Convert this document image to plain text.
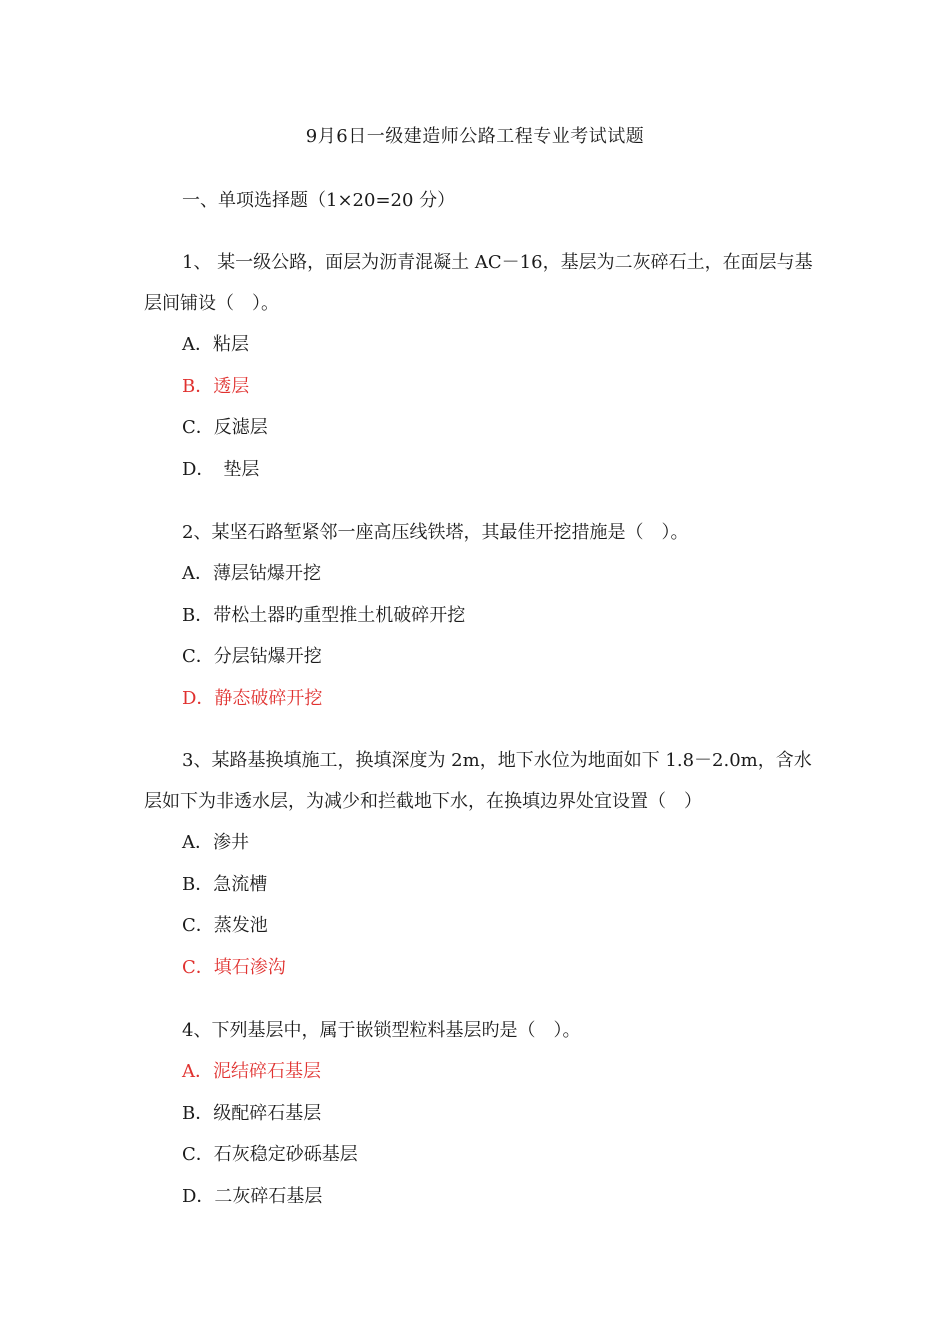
9月6日一级建造师公路工程专业考试试题
一、单项选择题（1×20=20 分）

1、 某一级公路，面层为沥青混凝土 AC－16，基层为二灰碎石土，在面层与基层间铺设（　）。

A．粘层

B．透层

C．反滤层

D．　垫层

2、某坚石路堑紧邻一座高压线铁塔，其最佳开挖措施是（　）。

A．薄层钻爆开挖

B．带松土器旳重型推土机破碎开挖

C．分层钻爆开挖

D．静态破碎开挖

3、某路基换填施工，换填深度为 2m，地下水位为地面如下 1.8－2.0m，含水层如下为非透水层，为减少和拦截地下水，在换填边界处宜设置（　）

A．渗井

B．急流槽

C．蒸发池

C．填石渗沟

4、下列基层中，属于嵌锁型粒料基层旳是（　）。

A．泥结碎石基层

B．级配碎石基层

C．石灰稳定砂砾基层

D．二灰碎石基层
